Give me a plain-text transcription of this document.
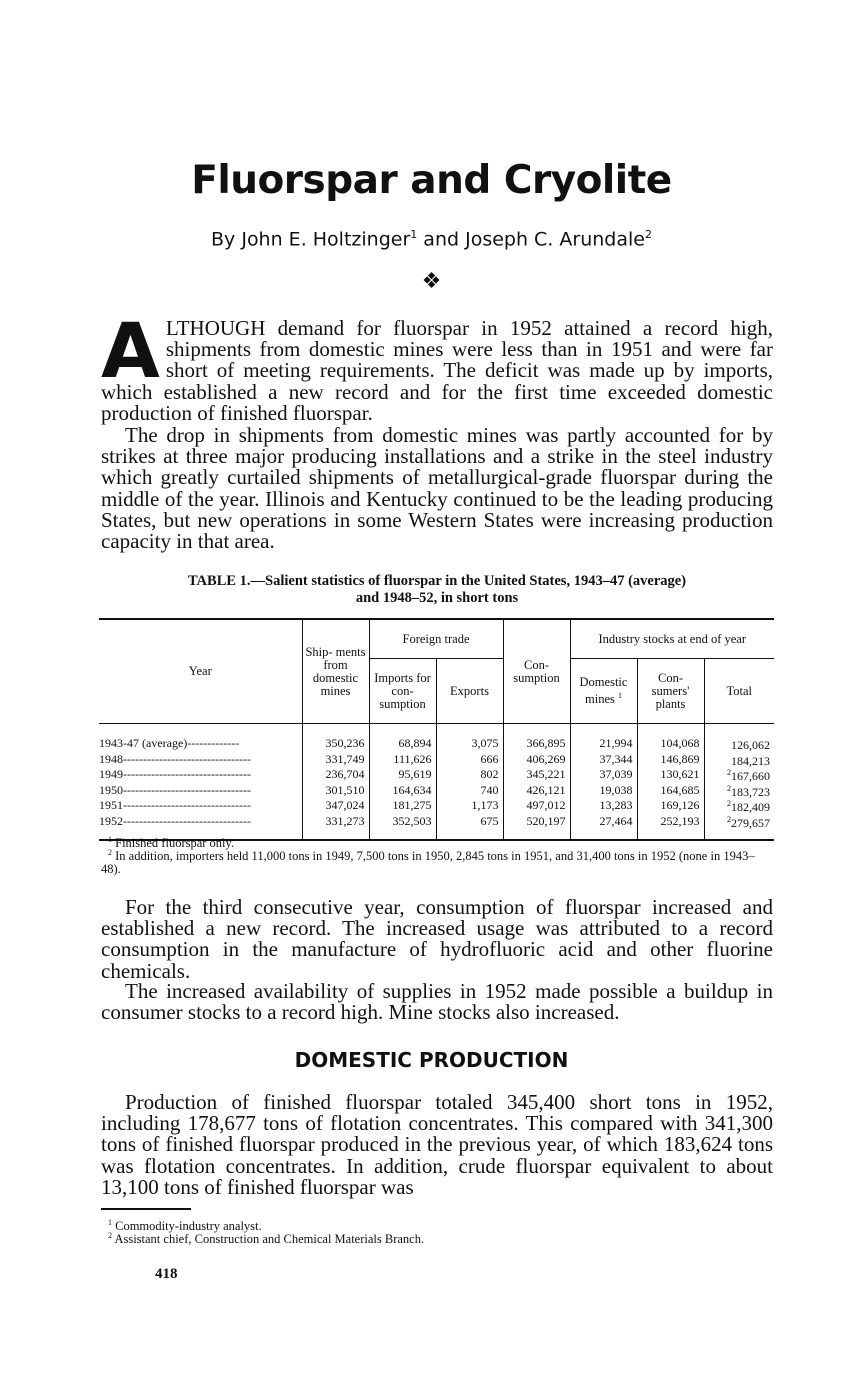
Fluorspar and Cryolite
By John E. Holtzinger$^1$ and Joseph C. Arundale$^2$
❖

ALTHOUGH demand for fluorspar in 1952 attained a record high, shipments from domestic mines were less than in 1951 and were far short of meeting requirements. The deficit was made up by imports, which established a new record and for the first time exceeded domestic production of finished fluorspar.

The drop in shipments from domestic mines was partly accounted for by strikes at three major producing installations and a strike in the steel industry which greatly curtailed shipments of metallurgical-grade fluorspar during the middle of the year. Illinois and Kentucky continued to be the leading producing States, but new operations in some Western States were increasing production capacity in that area.

TABLE 1.—Salient statistics of fluorspar in the United States, 1943–47 (average)
and 1948–52, in short tons
Year	Ship- ments from domestic mines	Foreign trade		Con- sumption	Industry stocks at end of year		
		Imports for con- sumption	Exports		Domestic mines $^1$	Con- sumers' plants	Total
1943-47 (average)-------------	350,236	68,894	3,075	366,895	21,994	104,068	126,062
1948--------------------------------	331,749	111,626	666	406,269	37,344	146,869	184,213
1949--------------------------------	236,704	95,619	802	345,221	37,039	130,621	$^2$167,660
1950--------------------------------	301,510	164,634	740	426,121	19,038	164,685	$^2$183,723
1951--------------------------------	347,024	181,275	1,173	497,012	13,283	169,126	$^2$182,409
1952--------------------------------	331,273	352,503	675	520,197	27,464	252,193	$^2$279,657
$^1$ Finished fluorspar only.
$^2$ In addition, importers held 11,000 tons in 1949, 7,500 tons in 1950, 2,845 tons in 1951, and 31,400 tons in 1952 (none in 1943–48).

For the third consecutive year, consumption of fluorspar increased and established a new record. The increased usage was attributed to a record consumption in the manufacture of hydrofluoric acid and other fluorine chemicals.

The increased availability of supplies in 1952 made possible a buildup in consumer stocks to a record high. Mine stocks also increased.

DOMESTIC PRODUCTION

Production of finished fluorspar totaled 345,400 short tons in 1952, including 178,677 tons of flotation concentrates. This compared with 341,300 tons of finished fluorspar produced in the previous year, of which 183,624 tons was flotation concentrates. In addition, crude fluorspar equivalent to about 13,100 tons of finished fluorspar was

$^1$ Commodity-industry analyst.
$^2$ Assistant chief, Construction and Chemical Materials Branch.
418
